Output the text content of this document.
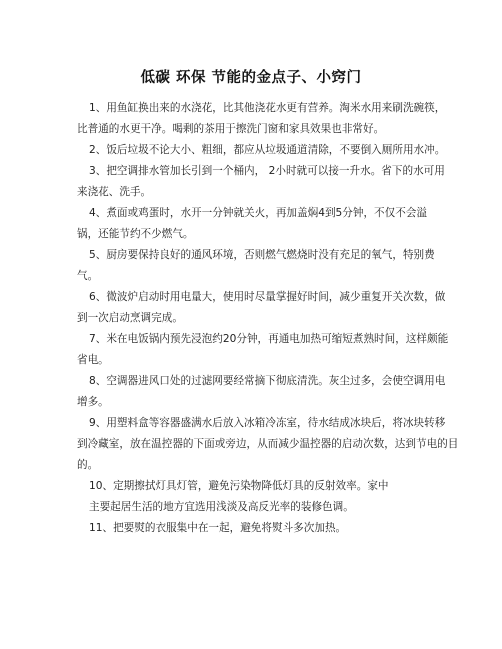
低碳 环保 节能的金点子、小窍门
1、用鱼缸换出来的水浇花，比其他浇花水更有营养。淘米水用来刷洗碗筷，
比普通的水更干净。喝剩的茶用于擦洗门窗和家具效果也非常好。
2、饭后垃圾不论大小、粗细，都应从垃圾通道清除，不要倒入厕所用水冲。
3、把空调排水管加长引到一个桶内， 2小时就可以接一升水。省下的水可用
来浇花、洗手。
4、煮面或鸡蛋时，水开一分钟就关火，再加盖焖4到5分钟，不仅不会溢
锅，还能节约不少燃气。
5、厨房要保持良好的通风环境，否则燃气燃烧时没有充足的氧气，特别费
气。
6、微波炉启动时用电量大，使用时尽量掌握好时间，减少重复开关次数，做
到一次启动烹调完成。
7、米在电饭锅内预先浸泡约20分钟，再通电加热可缩短煮熟时间，这样颇能
省电。
8、空调器进风口处的过滤网要经常摘下彻底清洗。灰尘过多，会使空调用电
增多。
9、用塑料盒等容器盛满水后放入冰箱冷冻室，待水结成冰块后，将冰块转移
到冷藏室，放在温控器的下面或旁边，从而减少温控器的启动次数，达到节电的目
的。
10、定期擦拭灯具灯管，避免污染物降低灯具的反射效率。家中
主要起居生活的地方宜选用浅淡及高反光率的装修色调。
11、把要熨的衣服集中在一起，避免将熨斗多次加热。
